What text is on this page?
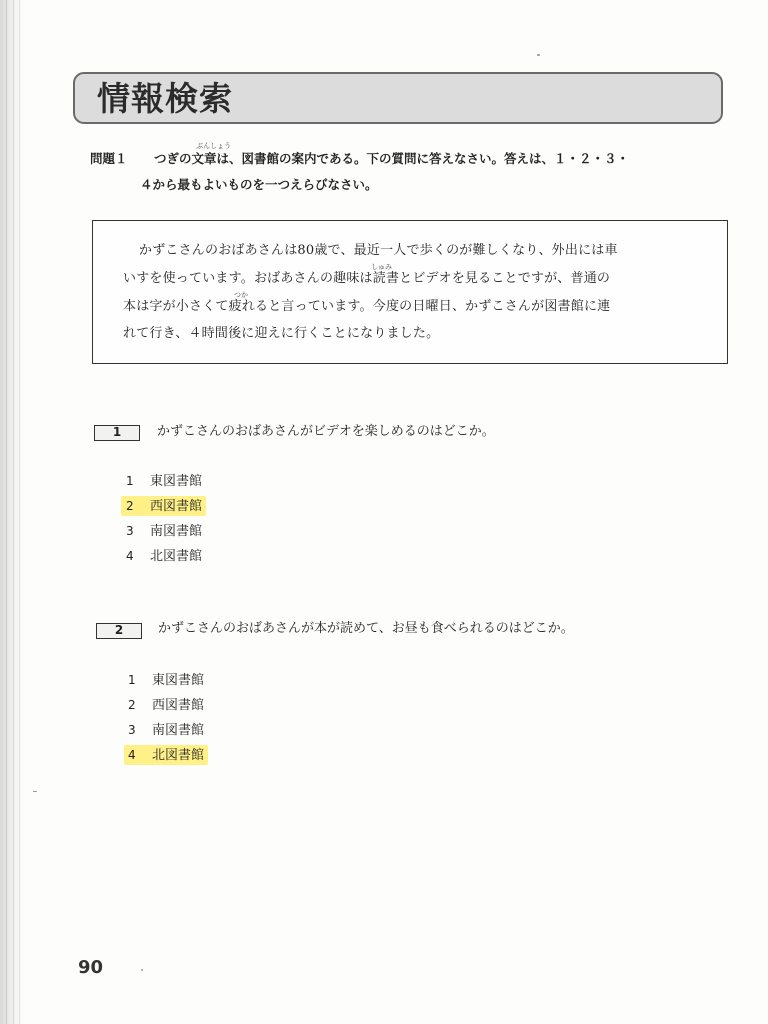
情報検索
問題１
ぶんしょう
つぎの文章は、図書館の案内である。下の質問に答えなさい。答えは、１・２・３・
４から最もよいものを一つえらびなさい。
かずこさんのおばあさんは80歳で、最近一人で歩くのが難しくなり、外出には車
しゅみ
いすを使っています。おばあさんの趣味は読書とビデオを見ることですが、普通の
つか
本は字が小さくて疲れると言っています。今度の日曜日、かずこさんが図書館に連
れて行き、４時間後に迎えに行くことになりました。
1	かずこさんのおばあさんがビデオを楽しめるのはどこか。
1 東図書館
2 西図書館
3 南図書館
4 北図書館
2	かずこさんのおばあさんが本が読めて、お昼も食べられるのはどこか。
1 東図書館
2 西図書館
3 南図書館
4 北図書館
90
